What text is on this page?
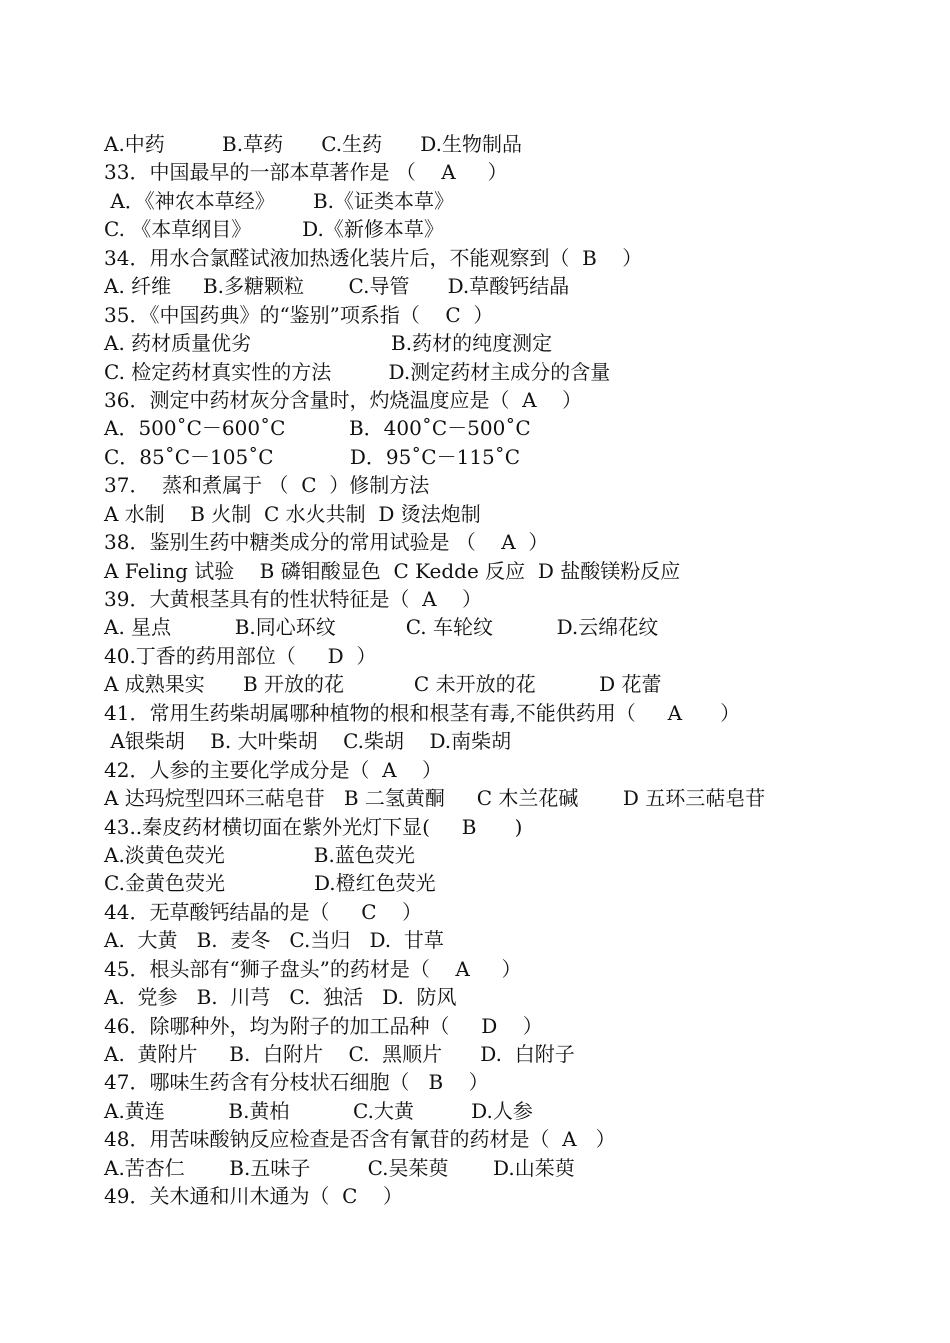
A.中药         B.草药      C.生药      D.生物制品
33．中国最早的一部本草著作是 （    A     ）
A．《神农本草经》      B.《证类本草》
C. 《本草纲目》        D.《新修本草》
34．用水合氯醛试液加热透化装片后，不能观察到（  B    ）
A. 纤维     B.多糖颗粒       C.导管      D.草酸钙结晶
35．《中国药典》的“鉴别”项系指（    C  ）
A. 药材质量优劣                      B.药材的纯度测定
C. 检定药材真实性的方法         D.测定药材主成分的含量
36．测定中药材灰分含量时，灼烧温度应是（  A    ）
A．500˚C－600˚C          B．400˚C－500˚C
C．85˚C－105˚C            D．95˚C－115˚C
37．  蒸和煮属于 （  C  ）修制方法
A 水制    B 火制  C 水火共制  D 烫法炮制
38．鉴别生药中糖类成分的常用试验是 （    A  ）
A Feling 试验    B 磷钼酸显色  C Kedde 反应  D 盐酸镁粉反应
39．大黄根茎具有的性状特征是（  A    ）
A. 星点          B.同心环纹           C. 车轮纹          D.云绵花纹
40.丁香的药用部位（     D  ）
A 成熟果实      B 开放的花           C 未开放的花          D 花蕾
41．常用生药柴胡属哪种植物的根和根茎有毒,不能供药用（     A      ）
A银柴胡    B. 大叶柴胡    C.柴胡    D.南柴胡
42．人参的主要化学成分是（  A    ）
A 达玛烷型四环三萜皂苷   B 二氢黄酮     C 木兰花碱       D 五环三萜皂苷
43..秦皮药材横切面在紫外光灯下显(     B      )
A.淡黄色荧光              B.蓝色荧光
C.金黄色荧光              D.橙红色荧光
44．无草酸钙结晶的是（     C    ）
A.  大黄   B.  麦冬   C.当归   D.  甘草
45．根头部有“狮子盘头”的药材是（    A     ）
A.  党参   B.  川芎   C.  独活   D.  防风
46．除哪种外，均为附子的加工品种（     D    ）
A.  黄附片     B.  白附片    C.  黑顺片      D.  白附子
47．哪味生药含有分枝状石细胞（   B    ）
A.黄连          B.黄柏          C.大黄         D.人参
48．用苦味酸钠反应检查是否含有氰苷的药材是（  A   ）
A.苦杏仁       B.五味子         C.吴茱萸       D.山茱萸
49．关木通和川木通为（  C    ）
